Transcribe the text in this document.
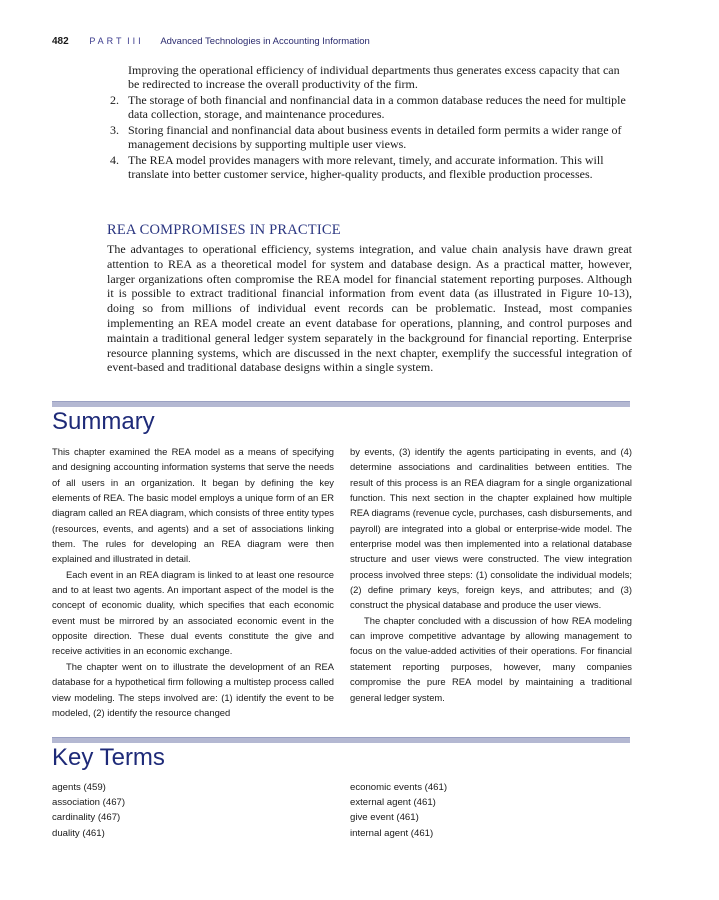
482 PART III Advanced Technologies in Accounting Information
Improving the operational efficiency of individual departments thus generates excess capacity that can be redirected to increase the overall productivity of the firm.
2. The storage of both financial and nonfinancial data in a common database reduces the need for multiple data collection, storage, and maintenance procedures.
3. Storing financial and nonfinancial data about business events in detailed form permits a wider range of management decisions by supporting multiple user views.
4. The REA model provides managers with more relevant, timely, and accurate information. This will translate into better customer service, higher-quality products, and flexible production processes.
REA COMPROMISES IN PRACTICE
The advantages to operational efficiency, systems integration, and value chain analysis have drawn great attention to REA as a theoretical model for system and database design. As a practical matter, however, larger organizations often compromise the REA model for financial statement reporting purposes. Although it is possible to extract traditional financial information from event data (as illustrated in Figure 10-13), doing so from millions of individual event records can be problematic. Instead, most companies implementing an REA model create an event database for operations, planning, and control purposes and maintain a traditional general ledger system separately in the background for financial reporting. Enterprise resource planning systems, which are discussed in the next chapter, exemplify the successful integration of event-based and traditional database designs within a single system.
Summary

This chapter examined the REA model as a means of specifying and designing accounting information systems that serve the needs of all users in an organization. It began by defining the key elements of REA. The basic model employs a unique form of an ER diagram called an REA diagram, which consists of three entity types (resources, events, and agents) and a set of associations linking them. The rules for developing an REA diagram were then explained and illustrated in detail.

Each event in an REA diagram is linked to at least one resource and to at least two agents. An important aspect of the model is the concept of economic duality, which specifies that each economic event must be mirrored by an associated economic event in the opposite direction. These dual events constitute the give and receive activities in an economic exchange.

The chapter went on to illustrate the development of an REA database for a hypothetical firm following a multistep process called view modeling. The steps involved are: (1) identify the event to be modeled, (2) identify the resource changed

by events, (3) identify the agents participating in events, and (4) determine associations and cardinalities between entities. The result of this process is an REA diagram for a single organizational function. This next section in the chapter explained how multiple REA diagrams (revenue cycle, purchases, cash disbursements, and payroll) are integrated into a global or enterprise-wide model. The enterprise model was then implemented into a relational database structure and user views were constructed. The view integration process involved three steps: (1) consolidate the individual models; (2) define primary keys, foreign keys, and attributes; and (3) construct the physical database and produce the user views.

The chapter concluded with a discussion of how REA modeling can improve competitive advantage by allowing management to focus on the value-added activities of their operations. For financial statement reporting purposes, however, many companies compromise the pure REA model by maintaining a traditional general ledger system.

Key Terms
agents (459)
association (467)
cardinality (467)
duality (461)
economic events (461)
external agent (461)
give event (461)
internal agent (461)
